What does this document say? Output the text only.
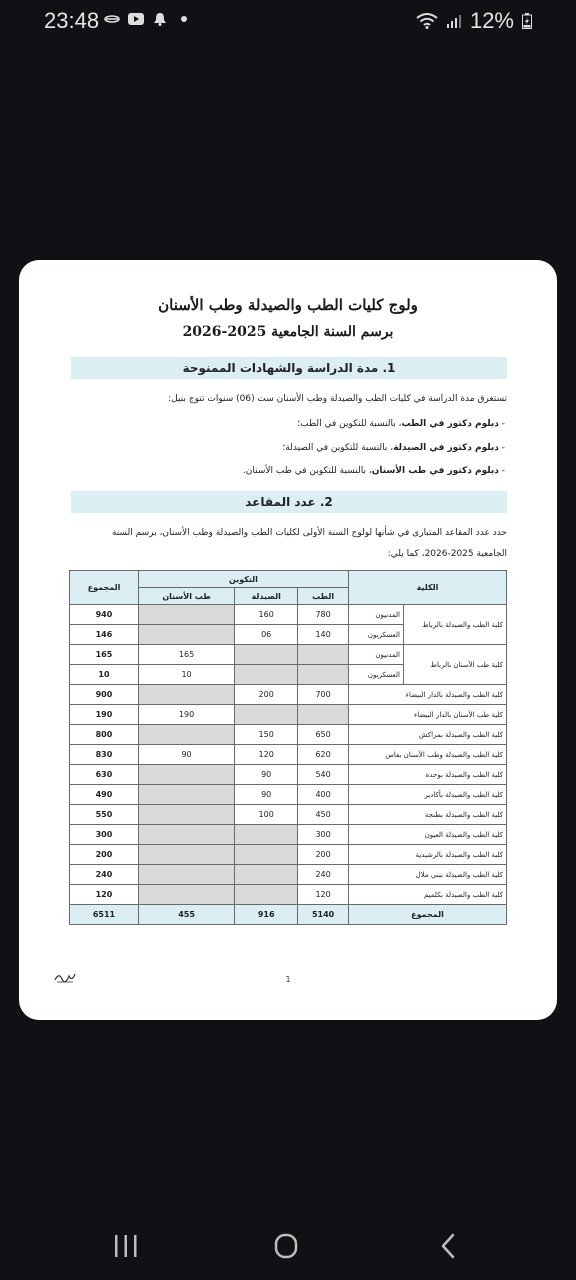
23:48	12%
ولوج كليات الطب والصيدلة وطب الأسنان
برسم السنة الجامعية 2025-2026
1. مدة الدراسة والشهادات الممنوحة
تستغرق مدة الدراسة في كليات الطب والصيدلة وطب الأسنان ست (06) سنوات تتوج بنيل:
- دبلوم دكتور في الطب، بالنسبة للتكوين في الطب؛
- دبلوم دكتور في الصيدلة، بالنسبة للتكوين في الصيدلة؛
- دبلوم دكتور في طب الأسنان، بالنسبة للتكوين في طب الأسنان.
2. عدد المقاعد
حدد عدد المقاعد المتبارى في شأنها لولوج السنة الأولى لكليات الطب والصيدلة وطب الأسنان، برسم السنة
الجامعية 2025-2026، كما يلي:
الكلية		التكوين			المجموع
		الطب	الصيدلة	طب الأسنان	
كلية الطب والصيدلة بالرباط	المدنيون	780	160		940
	العسكريون	140	06		146
كلية طب الأسنان بالرباط	المدنيون			165	165
	العسكريون			10	10
كلية الطب والصيدلة بالدار البيضاء		700	200		900
كلية طب الأسنان بالدار البيضاء				190	190
كلية الطب والصيدلة بمراكش		650	150		800
كلية الطب والصيدلة وطب الأسنان بفاس		620	120	90	830
كلية الطب والصيدلة بوجدة		540	90		630
كلية الطب والصيدلة بأكادير		400	90		490
كلية الطب والصيدلة بطنجة		450	100		550
كلية الطب والصيدلة العيون		300			300
كلية الطب والصيدلة بالرشيدية		200			200
كلية الطب والصيدلة ببني ملال		240			240
كلية الطب والصيدلة بكلميم		120			120
المجموع		5140	916	455	6511
1
